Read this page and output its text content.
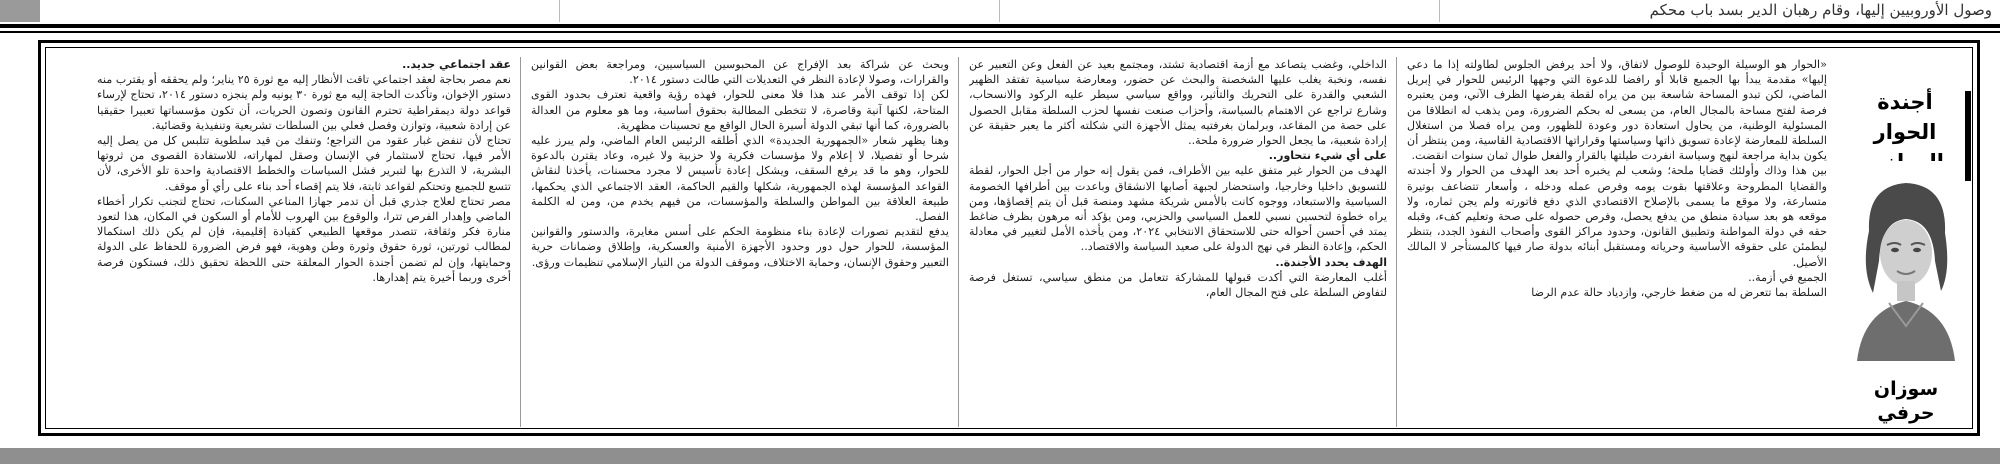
وصول الأوروبيين إليها، وقام رهبان الدير بسد باب محكم
أجندة الحوار
سوزان حرفي

«الحوار هو الوسيلة الوحيدة للوصول لاتفاق، ولا أحد يرفض الجلوس لطاولته إذا ما دعي إليها» مقدمة يبدأ بها الجميع قابلا أو رافضا للدعوة التي وجهها الرئيس للحوار في إبريل الماضي، لكن تبدو المساحة شاسعة بين من يراه لقطة يفرضها الظرف الآني، ومن يعتبره فرصة لفتح مساحة بالمجال العام، من يسعى له بحكم الضرورة، ومن يذهب له انطلاقا من المسئولية الوطنية، من يحاول استعادة دور وعودة للظهور، ومن يراه فصلا من استغلال السلطة للمعارضة لإعادة تسويق ذاتها وسياستها وقراراتها الاقتصادية القاسية، ومن ينتظر أن يكون بداية مراجعة لنهج وسياسة انفردت طيلتها بالقرار والفعل طوال ثمان سنوات انقضت.

بين هذا وذاك وأولئك قضايا ملحة؛ وشعب لم يخبره أحد بعد الهدف من الحوار ولا أجندته والقضايا المطروحة وعلاقتها بقوت يومه وفرص عمله ودخله ، وأسعار تتضاعف بوتيرة متسارعة، ولا موقع ما يسمى بالإصلاح الاقتصادي الذي دفع فاتورته ولم يجن ثماره، ولا موقعه هو بعد سيادة منطق من يدفع يحصل، وفرص حصوله على صحة وتعليم كفء، وقبله حقه في دولة المواطنة وتطبيق القانون، وحدود مراكز القوى وأصحاب النفوذ الجدد، بتنظر ليطمئن على حقوقه الأساسية وحرياته ومستقبل أبنائه بدولة صار فيها كالمستأجر لا المالك الأصيل.

الجميع في أزمة..

السلطة بما تتعرض له من ضغط خارجي، وازدياد حالة عدم الرضا

الداخلي، وغضب يتصاعد مع أزمة اقتصادية تشتد، ومجتمع بعيد عن الفعل وعن التعبير عن نفسه، ونخبة يغلب عليها الشخصنة والبحث عن حضور، ومعارضة سياسية تفتقد الظهير الشعبي والقدرة على التحريك والتأثير، وواقع سياسي سيطر عليه الركود والانسحاب، وشارع تراجع عن الاهتمام بالسياسة، وأحزاب صنعت نفسها لحزب السلطة مقابل الحصول على حصة من المقاعد، وبرلمان بغرفتيه يمثل الأجهزة التي شكلته أكثر ما يعبر حقيقة عن إرادة شعبية، ما يجعل الحوار ضرورة ملحة..

على أي شيء نتحاور..

الهدف من الحوار غير متفق عليه بين الأطراف، فمن يقول إنه حوار من أجل الحوار، لقطة للتسويق داخليا وخارجيا، واستحضار لجبهة أصابها الانشقاق وباعدت بين أطرافها الخصومة السياسية والاستبعاد، ووجوه كانت بالأمس شريكة مشهد ومنصة قبل أن يتم إقصاؤها، ومن يراه خطوة لتحسين نسبي للعمل السياسي والحزبي، ومن يؤكد أنه مرهون بظرف ضاغط يمتد في أحسن أحواله حتى للاستحقاق الانتخابي ٢٠٢٤، ومن يأخذه الأمل لتغيير في معادلة الحكم، وإعادة النظر في نهج الدولة على صعيد السياسة والاقتصاد..

الهدف يحدد الأجندة..

أغلب المعارضة التي أكدت قبولها للمشاركة تتعامل من منطق سياسي، تستغل فرصة لتفاوض السلطة على فتح المجال العام،

وبحث عن شراكة بعد الإفراج عن المحبوسين السياسيين، ومراجعة بعض القوانين والقرارات، وصولا لإعادة النظر في التعديلات التي طالت دستور ٢٠١٤.

لكن إذا توقف الأمر عند هذا فلا معنى للحوار، فهذه رؤية واقعية تعترف بحدود القوى المتاحة، لكنها آنية وقاصرة، لا تتخطى المطالبة بحقوق أساسية، وما هو معلوم من العدالة بالضرورة، كما أنها تبقي الدولة أسيرة الحال الواقع مع تحسينات مظهرية.

وهنا يظهر شعار «الجمهورية الجديدة» الذي أطلقه الرئيس العام الماضي، ولم يبرز عليه شرحا أو تفصيلا، لا إعلام ولا مؤسسات فكرية ولا حزبية ولا غيره، وعاد يقترن بالدعوة للحوار، وهو ما قد يرفع السقف، ويشكل إعادة تأسيس لا مجرد محسنات، يأخذنا لنقاش القواعد المؤسسة لهذه الجمهورية، شكلها والقيم الحاكمة، العقد الاجتماعي الذي يحكمها، طبيعة العلاقة بين المواطن والسلطة والمؤسسات، من فيهم يخدم من، ومن له الكلمة الفصل.

يدفع لتقديم تصورات لإعادة بناء منظومة الحكم على أسس مغايرة، والدستور والقوانين المؤسسة، للحوار حول دور وحدود الأجهزة الأمنية والعسكرية، وإطلاق وضمانات حرية التعبير وحقوق الإنسان، وحماية الاختلاف، وموقف الدولة من التيار الإسلامي تنظيمات ورؤى.

عقد اجتماعي جديد..

نعم مصر بحاجة لعقد اجتماعي تاقت الأنظار إليه مع ثورة ٢٥ يناير؛ ولم يحققه أو يقترب منه دستور الإخوان، وتأكدت الحاجة إليه مع ثورة ٣٠ يونيه ولم ينجزه دستور ٢٠١٤، تحتاج لإرساء قواعد دولة ديمقراطية تحترم القانون وتصون الحريات، أن تكون مؤسساتها تعبيرا حقيقيا عن إرادة شعبية، وتوازن وفصل فعلي بين السلطات تشريعية وتنفيذية وقضائية.

تحتاج لأن تنفض غبار عقود من التراجع؛ وتنفك من قيد سلطوية تتلبس كل من يصل إليه الأمر فيها، تحتاج لاستثمار في الإنسان وصقل لمهاراته، للاستفادة القصوى من ثروتها البشرية، لا التذرع بها لتبرير فشل السياسات والخطط الاقتصادية واحدة تلو الأخرى، لأن تتسع للجميع وتحتكم لقواعد ثابتة، فلا يتم إقصاء أحد بناء على رأي أو موقف.

مصر تحتاج لعلاج جذري قبل أن تدمر جهازا المناعي السكنات، تحتاج لتجنب تكرار أخطاء الماضي وإهدار الفرص تترا، والوقوع بين الهروب للأمام أو السكون في المكان، هذا لتعود منارة فكر وثقافة، تتصدر موقعها الطبيعي كقيادة إقليمية، فإن لم يكن ذلك استكمالا لمطالب ثورتين، ثورة حقوق وثورة وطن وهوية، فهو فرض الضرورة للحفاظ على الدولة وحمايتها، وإن لم تضمن أجندة الحوار المعلقة حتى اللحظة تحقيق ذلك، فستكون فرصة أخرى وربما أخيرة يتم إهدارها.
